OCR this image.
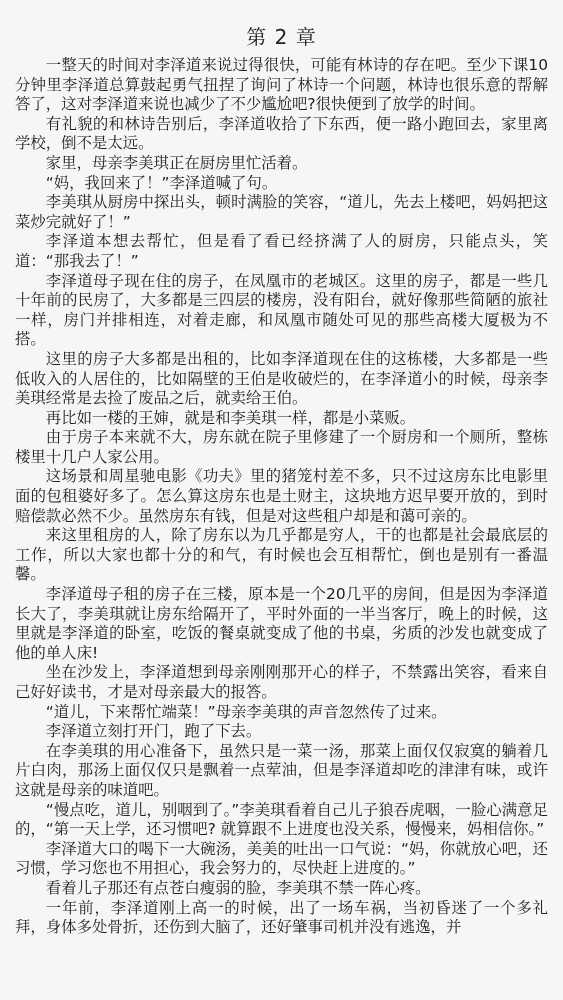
第 2 章

一整天的时间对李泽道来说过得很快，可能有林诗的存在吧。至少下课10分钟里李泽道总算鼓起勇气扭捏了询问了林诗一个问题，林诗也很乐意的帮解答了，这对李泽道来说也减少了不少尴尬吧?很快便到了放学的时间。

有礼貌的和林诗告别后，李泽道收拾了下东西，便一路小跑回去，家里离学校，倒不是太远。

家里，母亲李美琪正在厨房里忙活着。

“妈，我回来了！”李泽道喊了句。

李美琪从厨房中探出头，顿时满脸的笑容，“道儿，先去上楼吧，妈妈把这菜炒完就好了！”

李泽道本想去帮忙，但是看了看已经挤满了人的厨房，只能点头，笑道：“那我去了！”

李泽道母子现在住的房子，在凤凰市的老城区。这里的房子，都是一些几十年前的民房了，大多都是三四层的楼房，没有阳台，就好像那些简陋的旅社一样，房门并排相连，对着走廊，和凤凰市随处可见的那些高楼大厦极为不搭。

这里的房子大多都是出租的，比如李泽道现在住的这栋楼，大多都是一些低收入的人居住的，比如隔壁的王伯是收破烂的，在李泽道小的时候，母亲李美琪经常是去捡了废品之后，就卖给王伯。

再比如一楼的王婶，就是和李美琪一样，都是小菜贩。

由于房子本来就不大，房东就在院子里修建了一个厨房和一个厕所，整栋楼里十几户人家公用。

这场景和周星驰电影《功夫》里的猪笼村差不多，只不过这房东比电影里面的包租婆好多了。怎么算这房东也是土财主，这块地方迟早要开放的，到时赔偿款必然不少。虽然房东有钱，但是对这些租户却是和蔼可亲的。

来这里租房的人，除了房东以为几乎都是穷人，干的也都是社会最底层的工作，所以大家也都十分的和气，有时候也会互相帮忙，倒也是别有一番温馨。

李泽道母子租的房子在三楼，原本是一个20几平的房间，但是因为李泽道长大了，李美琪就让房东给隔开了，平时外面的一半当客厅，晚上的时候，这里就是李泽道的卧室，吃饭的餐桌就变成了他的书桌，劣质的沙发也就变成了他的单人床!

坐在沙发上，李泽道想到母亲刚刚那开心的样子，不禁露出笑容，看来自己好好读书，才是对母亲最大的报答。

“道儿，下来帮忙端菜！”母亲李美琪的声音忽然传了过来。

李泽道立刻打开门，跑了下去。

在李美琪的用心准备下，虽然只是一菜一汤，那菜上面仅仅寂寞的躺着几片白肉，那汤上面仅仅只是飘着一点荤油，但是李泽道却吃的津津有味，或许这就是母亲的味道吧。

“慢点吃，道儿，别咽到了。”李美琪看着自己儿子狼吞虎咽，一脸心满意足的，“第一天上学，还习惯吧? 就算跟不上进度也没关系，慢慢来，妈相信你。”

李泽道大口的喝下一大碗汤，美美的吐出一口气说：“妈，你就放心吧，还习惯，学习您也不用担心，我会努力的，尽快赶上进度的。”

看着儿子那还有点苍白瘦弱的脸，李美琪不禁一阵心疼。

一年前，李泽道刚上高一的时候，出了一场车祸，当初昏迷了一个多礼拜，身体多处骨折，还伤到大脑了，还好肇事司机并没有逃逸，并
